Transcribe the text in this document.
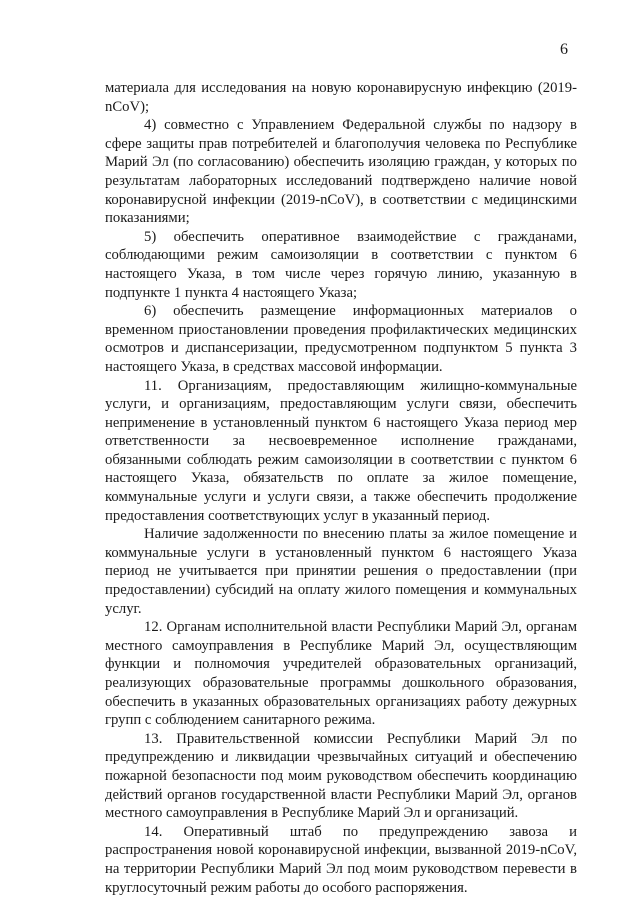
6

материала для исследования на новую коронавирусную инфекцию (2019-nCoV);

4) совместно с Управлением Федеральной службы по надзору в сфере защиты прав потребителей и благополучия человека по Республике Марий Эл (по согласованию) обеспечить изоляцию граждан, у которых по результатам лабораторных исследований подтверждено наличие новой коронавирусной инфекции (2019-nCoV), в соответствии с медицинскими показаниями;

5) обеспечить оперативное взаимодействие с гражданами, соблюдающими режим самоизоляции в соответствии с пунктом 6 настоящего Указа, в том числе через горячую линию, указанную в подпункте 1 пункта 4 настоящего Указа;

6) обеспечить размещение информационных материалов о временном приостановлении проведения профилактических медицинских осмотров и диспансеризации, предусмотренном подпунктом 5 пункта 3 настоящего Указа, в средствах массовой информации.

11. Организациям, предоставляющим жилищно-коммунальные услуги, и организациям, предоставляющим услуги связи, обеспечить неприменение в установленный пунктом 6 настоящего Указа период мер ответственности за несвоевременное исполнение гражданами, обязанными соблюдать режим самоизоляции в соответствии с пунктом 6 настоящего Указа, обязательств по оплате за жилое помещение, коммунальные услуги и услуги связи, а также обеспечить продолжение предоставления соответствующих услуг в указанный период.

Наличие задолженности по внесению платы за жилое помещение и коммунальные услуги в установленный пунктом 6 настоящего Указа период не учитывается при принятии решения о предоставлении (при предоставлении) субсидий на оплату жилого помещения и коммунальных услуг.

12. Органам исполнительной власти Республики Марий Эл, органам местного самоуправления в Республике Марий Эл, осуществляющим функции и полномочия учредителей образовательных организаций, реализующих образовательные программы дошкольного образования, обеспечить в указанных образовательных организациях работу дежурных групп с соблюдением санитарного режима.

13. Правительственной комиссии Республики Марий Эл по предупреждению и ликвидации чрезвычайных ситуаций и обеспечению пожарной безопасности под моим руководством обеспечить координацию действий органов государственной власти Республики Марий Эл, органов местного самоуправления в Республике Марий Эл и организаций.

14. Оперативный штаб по предупреждению завоза и распространения новой коронавирусной инфекции, вызванной 2019-nCoV, на территории Республики Марий Эл под моим руководством перевести в круглосуточный режим работы до особого распоряжения.
